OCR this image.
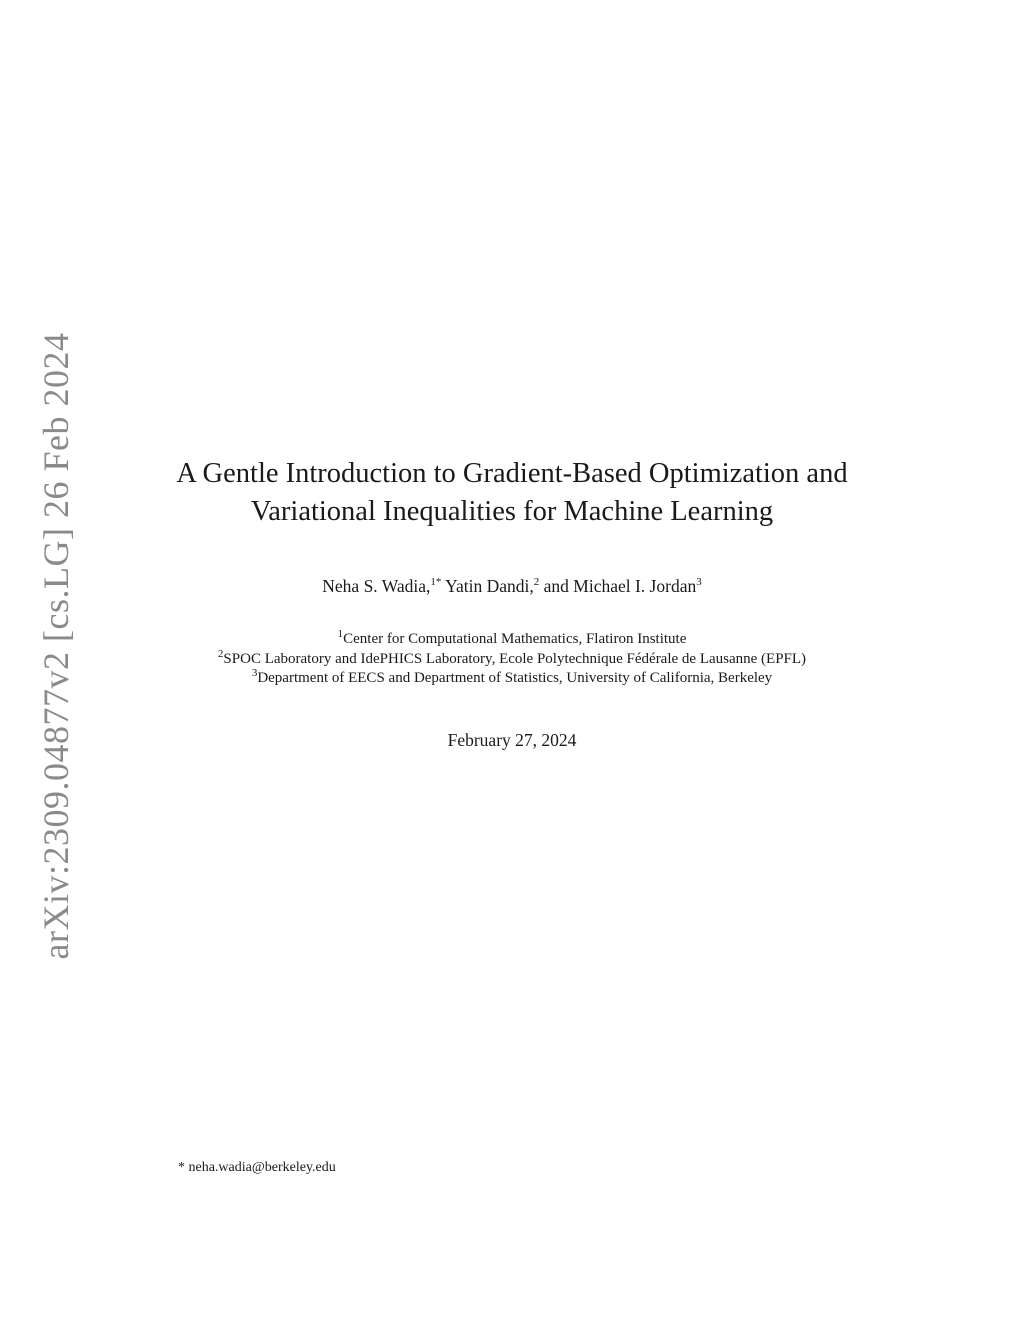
arXiv:2309.04877v2 [cs.LG] 26 Feb 2024	A Gentle Introduction to Gradient-Based Optimization and
Variational Inequalities for Machine Learning
Neha S. Wadia,$^{1*}$ Yatin Dandi,$^2$ and Michael I. Jordan$^3$
$^1$Center for Computational Mathematics, Flatiron Institute
$^2$SPOC Laboratory and IdePHICS Laboratory, Ecole Polytechnique Fédérale de Lausanne (EPFL)
$^3$Department of EECS and Department of Statistics, University of California, Berkeley
February 27, 2024
* neha.wadia@berkeley.edu
